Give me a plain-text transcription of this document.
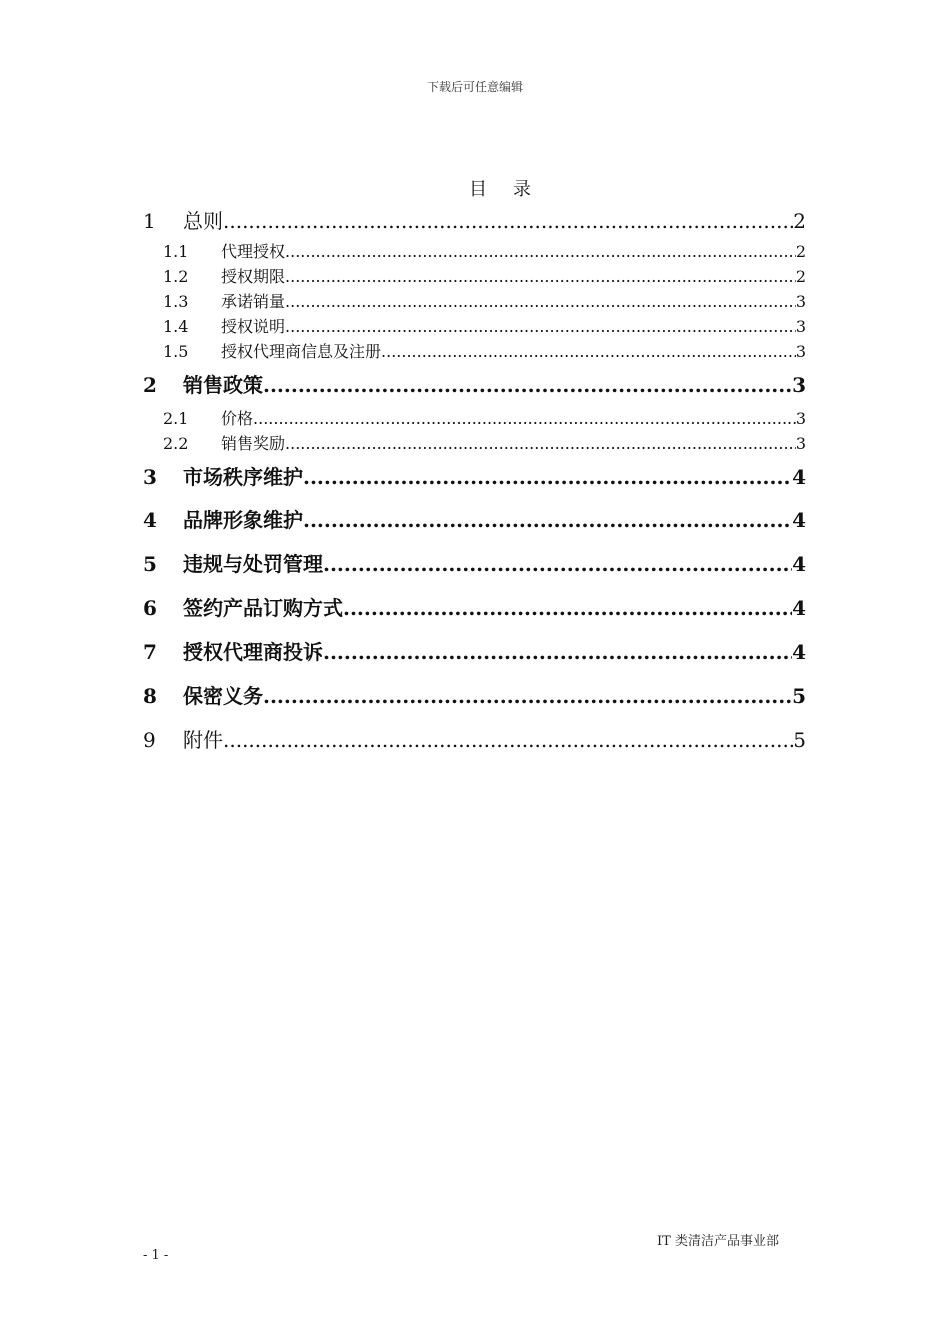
下载后可任意编辑
目 录
1	总则 .....	2
1.1	代理授权 .....	2
1.2	授权期限 .....	2
1.3	承诺销量 .....	3
1.4	授权说明 .....	3
1.5	授权代理商信息及注册 .....	3
2	销售政策 .....	3
2.1	价格 .....	3
2.2	销售奖励 .....	3
3	市场秩序维护 .....	4
4	品牌形象维护 .....	4
5	违规与处罚管理 .....	4
6	签约产品订购方式 .....	4
7	授权代理商投诉 .....	4
8	保密义务 .....	5
9	附件 .....	5
IT 类清洁产品事业部
- 1 -
